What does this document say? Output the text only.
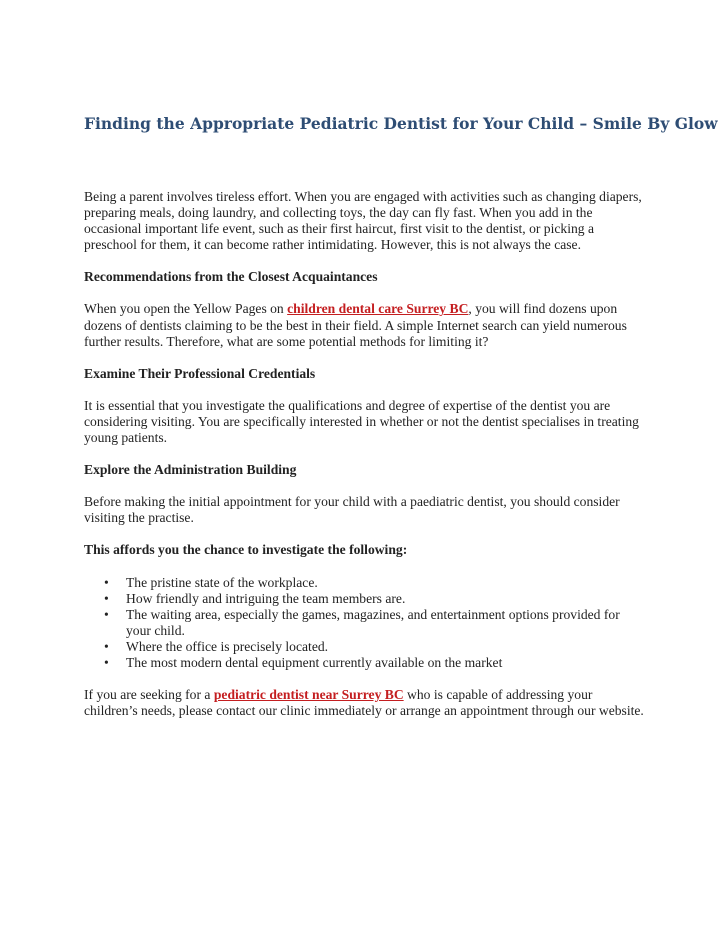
Finding the Appropriate Pediatric Dentist for Your Child – Smile By Glow

Being a parent involves tireless effort. When you are engaged with activities such as changing diapers, preparing meals, doing laundry, and collecting toys, the day can fly fast. When you add in the occasional important life event, such as their first haircut, first visit to the dentist, or picking a preschool for them, it can become rather intimidating. However, this is not always the case.

Recommendations from the Closest Acquaintances

When you open the Yellow Pages on children dental care Surrey BC, you will find dozens upon dozens of dentists claiming to be the best in their field. A simple Internet search can yield numerous further results. Therefore, what are some potential methods for limiting it?

Examine Their Professional Credentials

It is essential that you investigate the qualifications and degree of expertise of the dentist you are considering visiting. You are specifically interested in whether or not the dentist specialises in treating young patients.

Explore the Administration Building

Before making the initial appointment for your child with a paediatric dentist, you should consider visiting the practise.

This affords you the chance to investigate the following:

• The pristine state of the workplace.
• How friendly and intriguing the team members are.
• The waiting area, especially the games, magazines, and entertainment options provided for your child.
• Where the office is precisely located.
• The most modern dental equipment currently available on the market

If you are seeking for a pediatric dentist near Surrey BC who is capable of addressing your children’s needs, please contact our clinic immediately or arrange an appointment through our website.
